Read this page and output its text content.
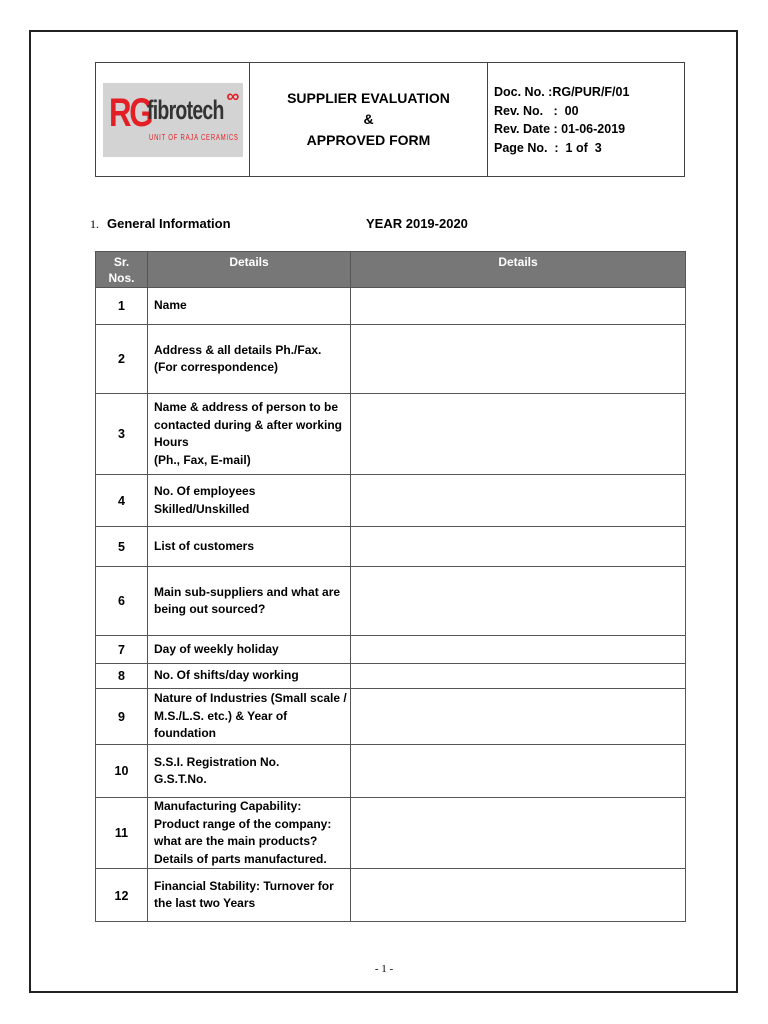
RG
fibrotech ∞
UNIT OF RAJA CERAMICS
SUPPLIER EVALUATION
&
APPROVED FORM
Doc. No. :RG/PUR/F/01
Rev. No.   :  00
Rev. Date : 01-06-2019
Page No.  :  1 of  3
1. General Information	YEAR 2019-2020
Sr. Nos.	Details	Details
1	Name	

2	Address & all details Ph./Fax.
(For correspondence)	

3	Name & address of person to be
contacted during & after working
Hours
(Ph., Fax, E-mail)	

4	No. Of employees
Skilled/Unskilled	

5	List of customers	

6	Main sub-suppliers and what are
being out sourced?	

7	Day of weekly holiday	

8	No. Of shifts/day working	

9	Nature of Industries (Small scale /
M.S./L.S. etc.) & Year of
foundation	

10	S.S.I. Registration No.
G.S.T.No.	

11	Manufacturing Capability:
Product range of the company:
what are the main products?
Details of parts manufactured.	

12	Financial Stability: Turnover for
the last two Years	

- 1 -
